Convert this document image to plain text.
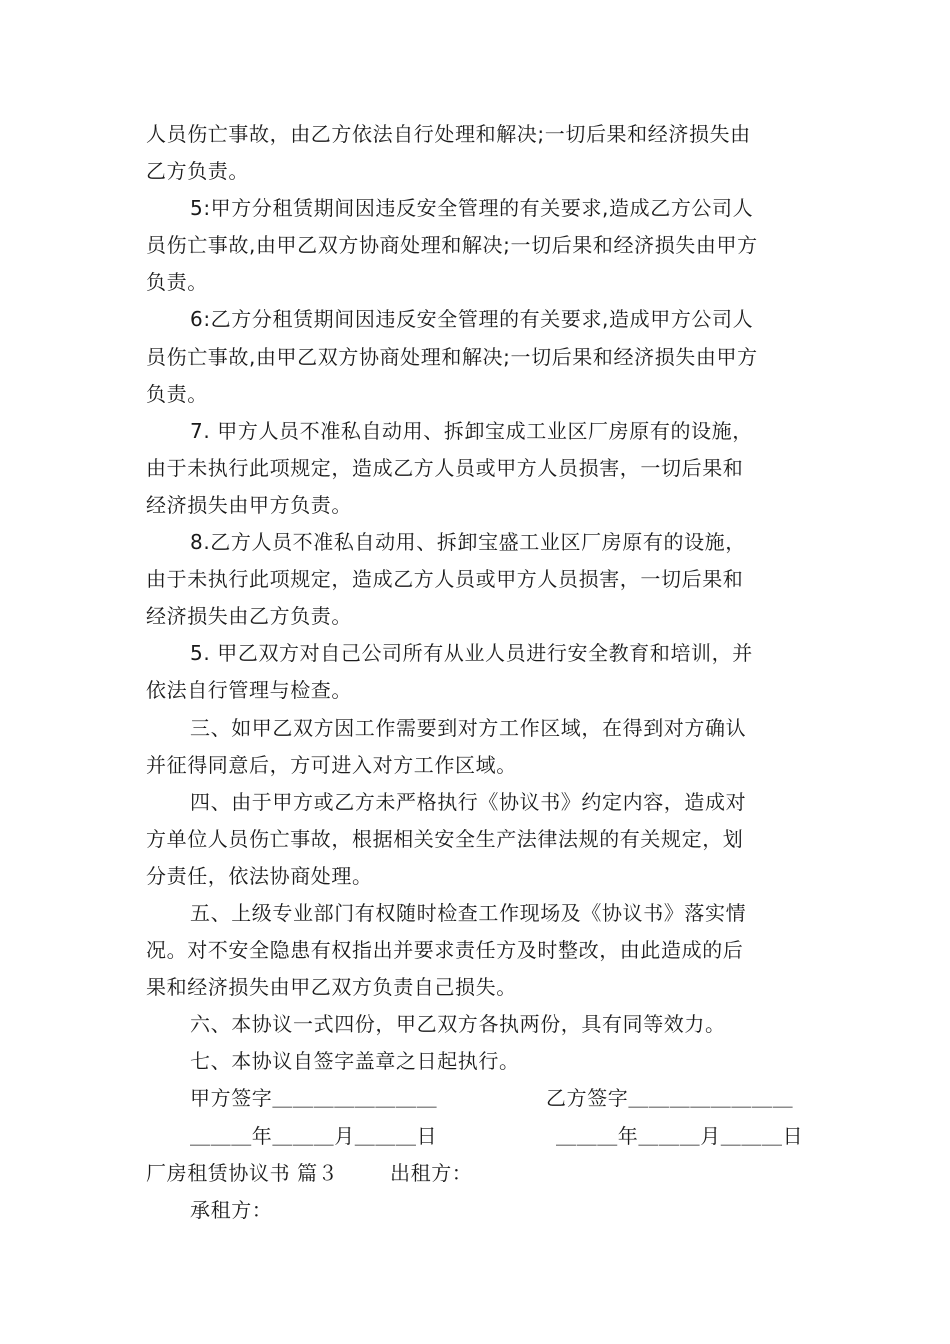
人员伤亡事故，由乙方依法自行处理和解决;一切后果和经济损失由
乙方负责。
5:甲方分租赁期间因违反安全管理的有关要求,造成乙方公司人
员伤亡事故,由甲乙双方协商处理和解决;一切后果和经济损失由甲方
负责。
6:乙方分租赁期间因违反安全管理的有关要求,造成甲方公司人
员伤亡事故,由甲乙双方协商处理和解决;一切后果和经济损失由甲方
负责。
7. 甲方人员不准私自动用、拆卸宝成工业区厂房原有的设施，
由于未执行此项规定，造成乙方人员或甲方人员损害，一切后果和
经济损失由甲方负责。
8.乙方人员不准私自动用、拆卸宝盛工业区厂房原有的设施，
由于未执行此项规定，造成乙方人员或甲方人员损害，一切后果和
经济损失由乙方负责。
5. 甲乙双方对自己公司所有从业人员进行安全教育和培训，并
依法自行管理与检查。
三、如甲乙双方因工作需要到对方工作区域，在得到对方确认
并征得同意后，方可进入对方工作区域。
四、由于甲方或乙方未严格执行《协议书》约定内容，造成对
方单位人员伤亡事故，根据相关安全生产法律法规的有关规定，划
分责任，依法协商处理。
五、上级专业部门有权随时检查工作现场及《协议书》落实情
况。对不安全隐患有权指出并要求责任方及时整改，由此造成的后
果和经济损失由甲乙双方负责自己损失。
六、本协议一式四份，甲乙双方各执两份，具有同等效力。
七、本协议自签字盖章之日起执行。
甲方签字＿＿＿＿＿＿＿＿	乙方签字＿＿＿＿＿＿＿＿
＿＿＿年＿＿＿月＿＿＿日	＿＿＿年＿＿＿月＿＿＿日
厂房租赁协议书 篇３	出租方：
承租方：
